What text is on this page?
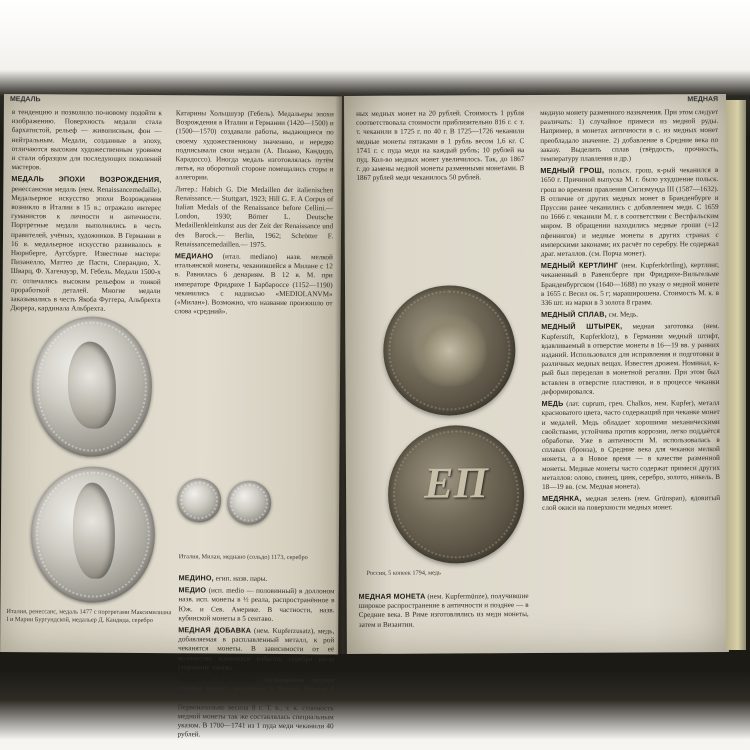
МЕДАЛЬ

в тенденцию и позволило по-новому подойти к изображению. Поверхность медали стала бархатистой, рельеф — живописным, фон — нейтральным. Медали, созданные в эпоху, отличаются высоким художественным уровнем и стали образцом для последующих поколений мастеров.

МЕДАЛЬ ЭПОХИ ВОЗРОЖДЕНИЯ, ренессансная медаль (нем. Renaissancemedaille). Медальерное искусство эпохи Возрождения возникло в Италии в 15 в.; отражало интерес гуманистов к личности и античности. Портретные медали выполнялись в честь правителей, учёных, художников. В Германии в 16 в. медальерное искусство развивалось в Нюрнберге, Аугсбурге. Известные мастера: Пизанелло, Маттео де Пасти, Сперандио, Х. Шварц, Ф. Хагенауэр, М. Гебель. Медали 1500-х гг. отличались высоким рельефом и тонкой проработкой деталей. Многие медали заказывались в честь Якоба Фуггера, Альбрехта Дюрера, кардинала Альбрехта.

Катарины Хольцшуэр (Гебель). Медальеры эпохи Возрождения в Италии и Германии (1420—1500) и (1500—1570) создавали работы, выдающиеся по своему художественному значению, и нередко подписывали свои медали (А. Пизано, Кандидо, Карадоссо). Иногда медаль изготовлялась путём литья, на оборотной стороне помещались сторы и аллегории.

Литер.: Habich G. Die Medaillen der italienischen Renaissance.— Stuttgart, 1923; Hill G. F. A Corpus of Italian Medals of the Renaissance before Cellini.— London, 1930; Börner L. Deutsche Medaillenkleinkunst aus der Zeit der Renaissance und des Barock.— Berlin, 1962; Schrötter F. Renaissancemedaillen.— 1975.

МЕДИАНО (итал. mediano) назв. мелкой итальянской монеты, чеканившейся в Милане с 12 в. Равнялась 6 денариям. В 12 в. М. при императоре Фридрихе I Барбароссе (1152—1190) чеканились с надписью «MEDIOLANVM» («Милан»). Возможно, что название произошло от слова «средний».

Италия, ренессанс, медаль 1477 с портретами Максимилиана I и Марии Бургундской, медальер Д. Кандида, серебро
Италия, Милан, медиано (сольдо) 1173, серебро

МЕДИНО, егип. назв. пары.

МЕДИО (исп. medio — половинный) в доллоном назв. исп. монеты в ½ реала, распространённое в Юж. и Сев. Америке. В частности, назв. кубинской монеты в 5 сентаво.

МЕДНАЯ ДОБАВКА (нем. Kupferzusatz), медь, добавляемая в расплавленный металл, к рой чеканятся монеты. В зависимости от её количества изменялся избыток серебра из-за сторонние заказы.

МЕДНАЯ КОПЕЙКА, полноценная медная ходячая монета, введенная в России Петром I (1689—1725) и чеканившаяся вплоть до 1917 г. Первоначально весила 8 г. Т. в., т. к. стоимость медной монеты так же составлялась специальным указом. В 1700—1741 из 1 пуда меди чеканили 40 рублей.

МЕДНАЯ

ных медных монет на 20 рублей. Стоимость 1 рубля соответствовала стоимости приблизительно 816 г. с т. т. чеканили в 1725 г. по 40 г. В 1725—1726 чеканили медные монеты пятаками в 1 рубль весом 1,6 кг. С 1741 г. с пуда меди на каждый рубль; 10 рублей на пуд. Кол-во медных монет увеличилось. Так, до 1867 г. до замены медной монеты разменными монетами. В 1867 рублей меди чеканилось 50 рублей.

ЕП
Россия, 5 копеек 1794, медь

МЕДНАЯ МОНЕТА (нем. Kupfermünze), получившие широкое распространение в античности и позднее — в Средние века. В Риме изготовлялись из меди монеты, затем и Византии.

медную монету разменного назначения. При этом следует различать: 1) случайное примеси из медной руды. Например, в монетах античности в с. из медных монет преобладало значение. 2) добавление в Средние века по заказу. Выделить сплав (твёрдость, прочность, температуру плавления и др.)

МЕДНЫЙ ГРОШ, польск. грош, к-рый чеканился в 1650 г. Причиной выпуска М. г. было ухудшение польск. грош во времени правления Сигизмунда III (1587—1632). В отличие от других медных монет в Бранденбурге и Пруссии ранее чеканились с добавлением меди. С 1659 по 1666 г. чеканили М. г. в соответствии с Вестфальским миром. В обращении находились медные гроши (=12 пфеннигов) и медные монеты в других странах с имперскими законами; их расчёт по серебру. Не содержал драг. металлов. (см. Порча монет).

МЕДНЫЙ КЕРТЛИНГ (нем. Kupferkörtling), кертлинг, чеканенный в Равенсберге при Фридрихе-Вильгельме Бранденбургском (1640—1688) по указу о медной монете в 1655 г. Весил ок. 5 г; мараширошена. Стоимость М. к. в 336 шт. из марки в 3 золота 8 грамм.

МЕДНЫЙ СПЛАВ, см. Медь.

МЕДНЫЙ ШТЫРЕК, медная заготовка (нем. Kupferstift, Kupferklotz), в Германии медный штифт, вдавливаемый в отверстие монеты в 16—19 вв. у ранних изданий. Использовался для исправления и подготовки в различных медных вещах. Известен дрожем. Номинал, к-рый был переделан в монетной регалии. При этом был вставлен в отверстие пластинки, и в процессе чеканки деформировался.

МЕДЬ (лат. cuprum, греч. Chalkos, нем. Kupfer), металл красноватого цвета, часто содержащий при чеканке монет и медалей. Медь обладает хорошими механическими свойствами, устойчива против коррозии, легко поддаётся обработке. Уже в античности М. использовалась в сплавах (бронза), в Средние века для чеканки мелкой монеты, а в Новое время — в качестве разменной монеты. Медные монеты часто содержат примеси других металлов: олово, свинец, цинк, серебро, золото, никель. В 18—19 вв. (см. Медная монета).

МЕДЯНКА, медная зелень (нем. Grünspan), ядовитый слой окиси на поверхности медных монет.
